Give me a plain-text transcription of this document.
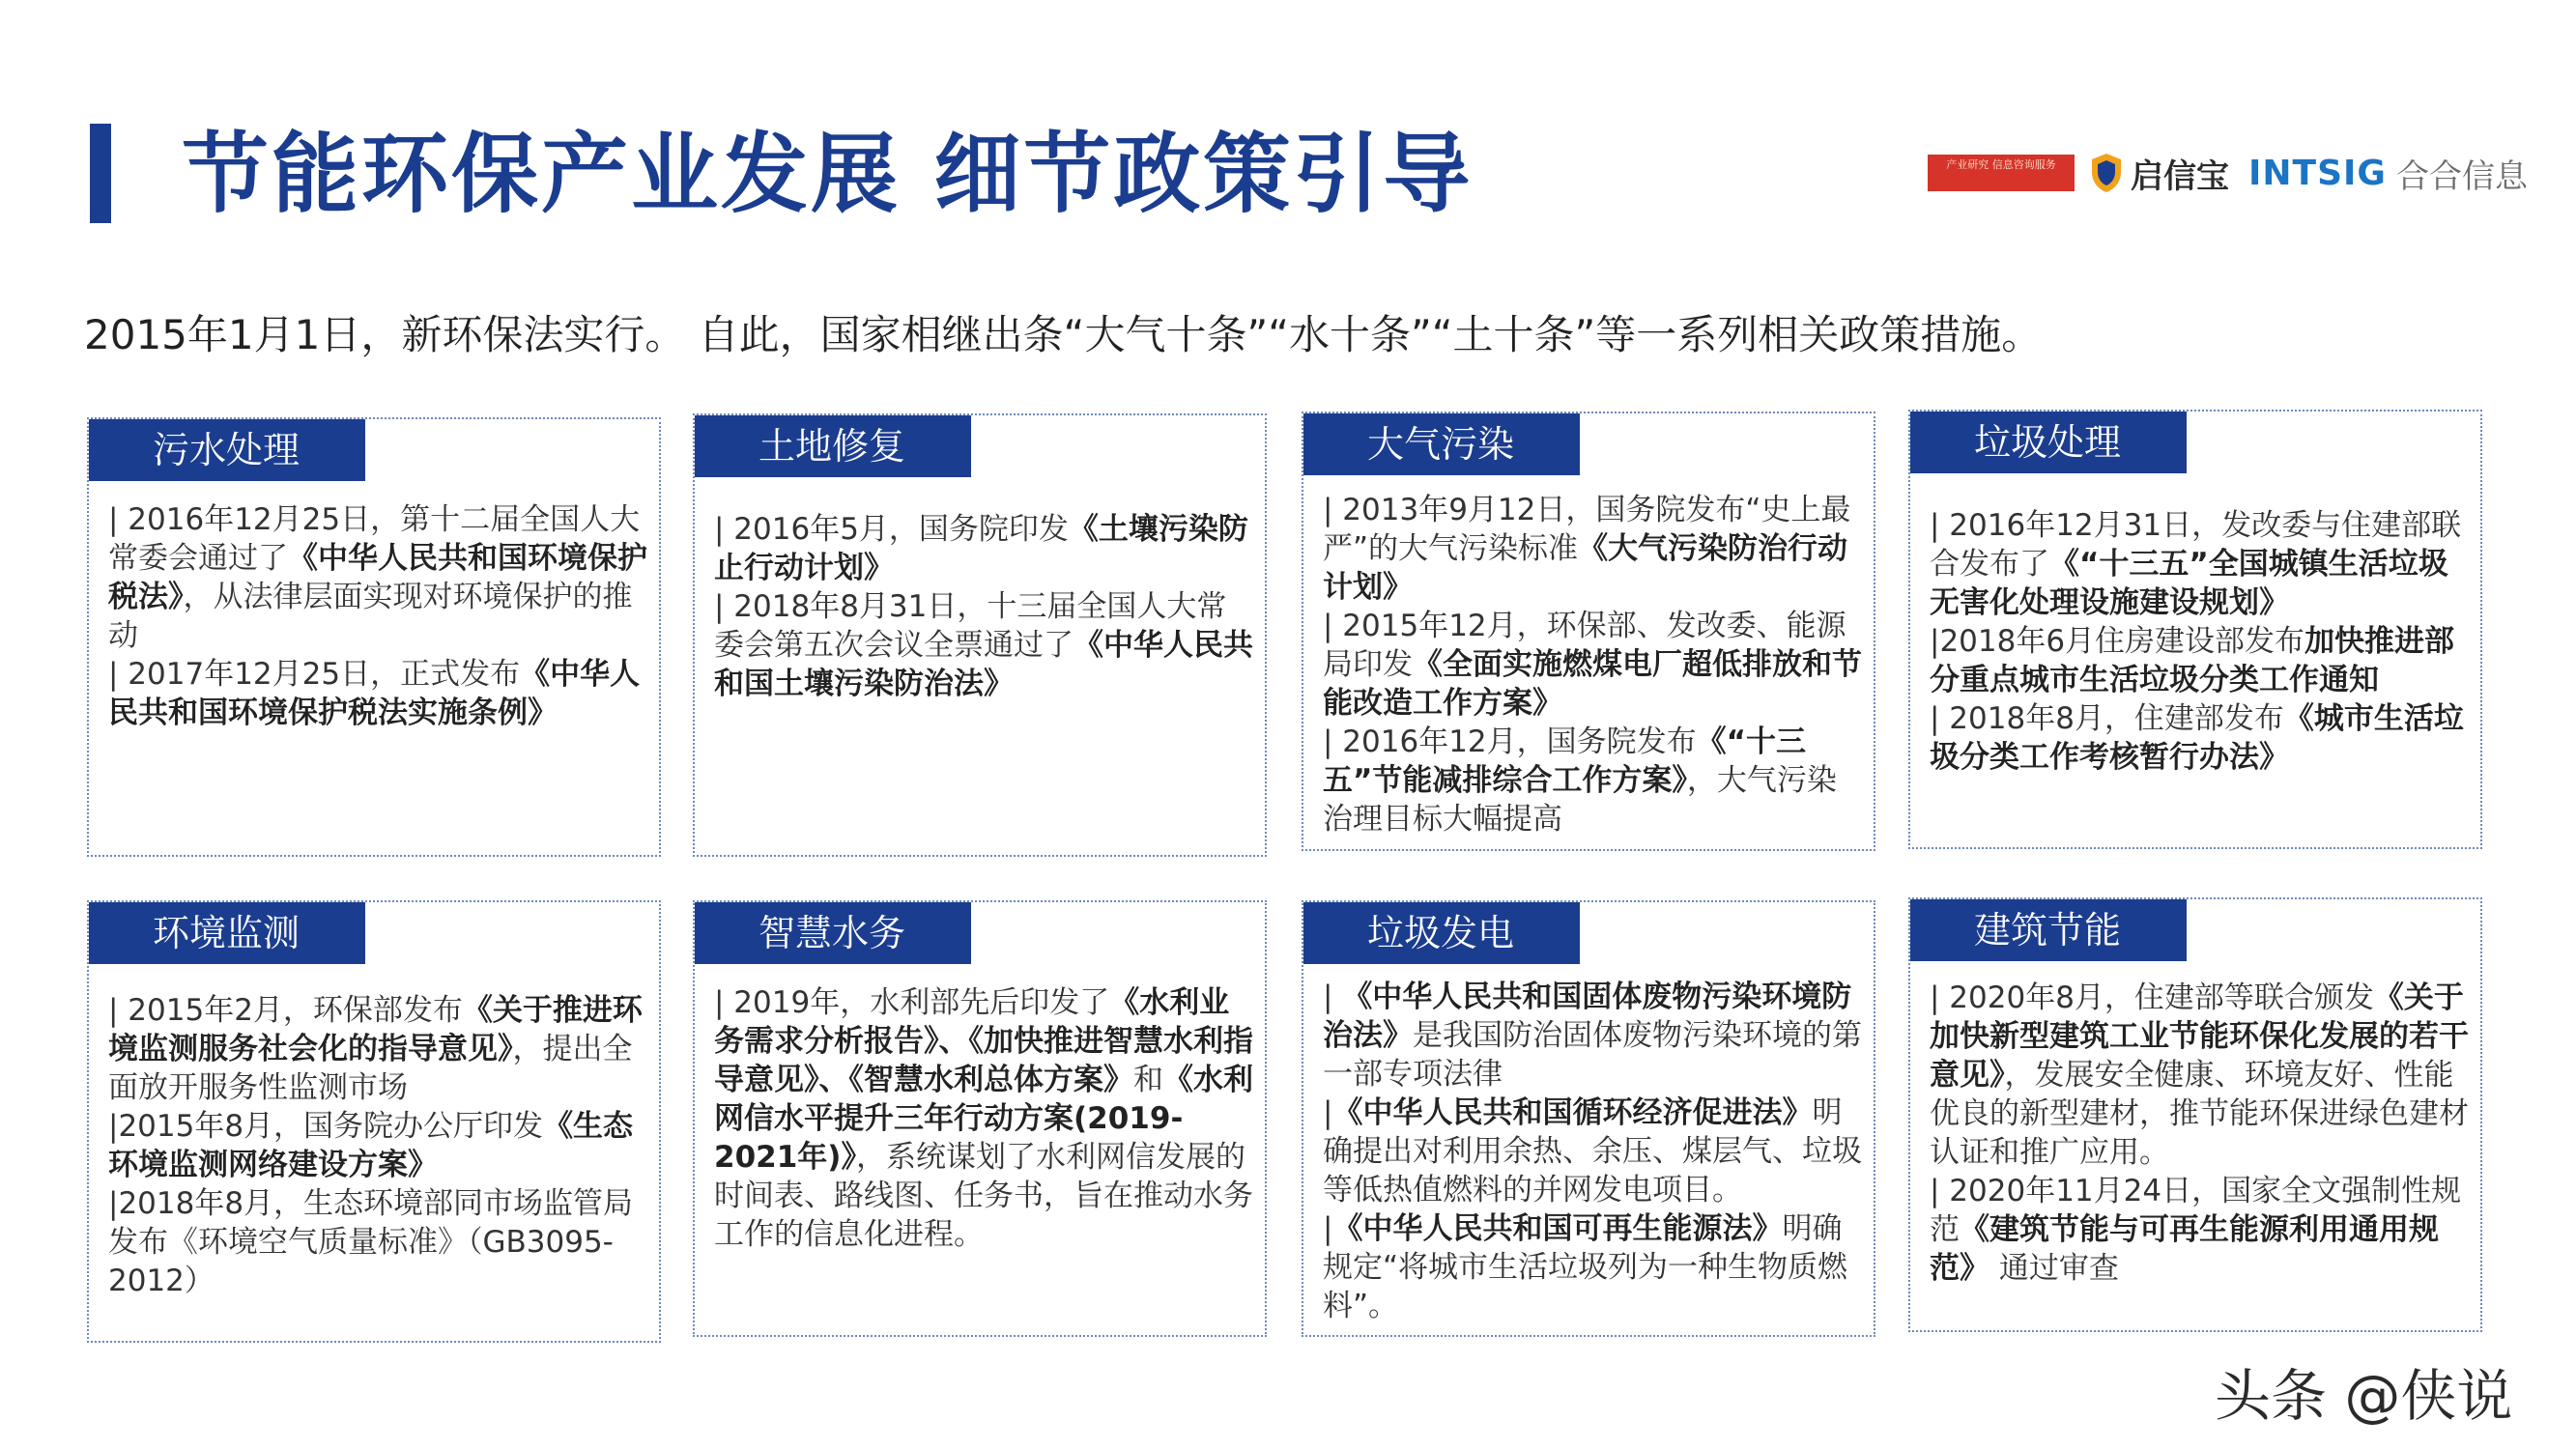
节能环保产业发展 细节政策引导	产业研究 信息咨询服务	启信宝 INTSIG 合合信息
2015年1月1日，新环保法实行。 自此，国家相继出条“大气十条”“水十条”“土十条”等一系列相关政策措施。
污水处理

| 2016年12月25日，第十二届全国人大常委会通过了《中华人民共和国环境保护税法》，从法律层面实现对环境保护的推动

| 2017年12月25日，正式发布《中华人民共和国环境保护税法实施条例》

土地修复

| 2016年5月，国务院印发《土壤污染防止行动计划》

| 2018年8月31日，十三届全国人大常委会第五次会议全票通过了《中华人民共和国土壤污染防治法》

大气污染

| 2013年9月12日，国务院发布“史上最严”的大气污染标准《大气污染防治行动计划》

| 2015年12月，环保部、发改委、能源局印发《全面实施燃煤电厂超低排放和节能改造工作方案》

| 2016年12月，国务院发布《“十三五”节能减排综合工作方案》，大气污染治理目标大幅提高

垃圾处理

| 2016年12月31日，发改委与住建部联合发布了《“十三五”全国城镇生活垃圾无害化处理设施建设规划》

|2018年6月住房建设部发布加快推进部分重点城市生活垃圾分类工作通知

| 2018年8月，住建部发布《城市生活垃圾分类工作考核暂行办法》

环境监测

| 2015年2月，环保部发布《关于推进环境监测服务社会化的指导意见》，提出全面放开服务性监测市场

|2015年8月，国务院办公厅印发《生态环境监测网络建设方案》

|2018年8月，生态环境部同市场监管局发布《环境空气质量标准》（GB3095-2012）

智慧水务

| 2019年，水利部先后印发了《水利业务需求分析报告》、《加快推进智慧水利指导意见》、《智慧水利总体方案》和《水利网信水平提升三年行动方案(2019-2021年)》，系统谋划了水利网信发展的时间表、路线图、任务书，旨在推动水务工作的信息化进程。

垃圾发电

| 《中华人民共和国固体废物污染环境防治法》是我国防治固体废物污染环境的第一部专项法律

|《中华人民共和国循环经济促进法》明确提出对利用余热、余压、煤层气、垃圾等低热值燃料的并网发电项目。

|《中华人民共和国可再生能源法》明确规定“将城市生活垃圾列为一种生物质燃料”。

建筑节能

| 2020年8月，住建部等联合颁发《关于加快新型建筑工业节能环保化发展的若干意见》，发展安全健康、环境友好、性能优良的新型建材，推节能环保进绿色建材认证和推广应用。

| 2020年11月24日，国家全文强制性规范《建筑节能与可再生能源利用通用规范》 通过审查

头条 @侠说
